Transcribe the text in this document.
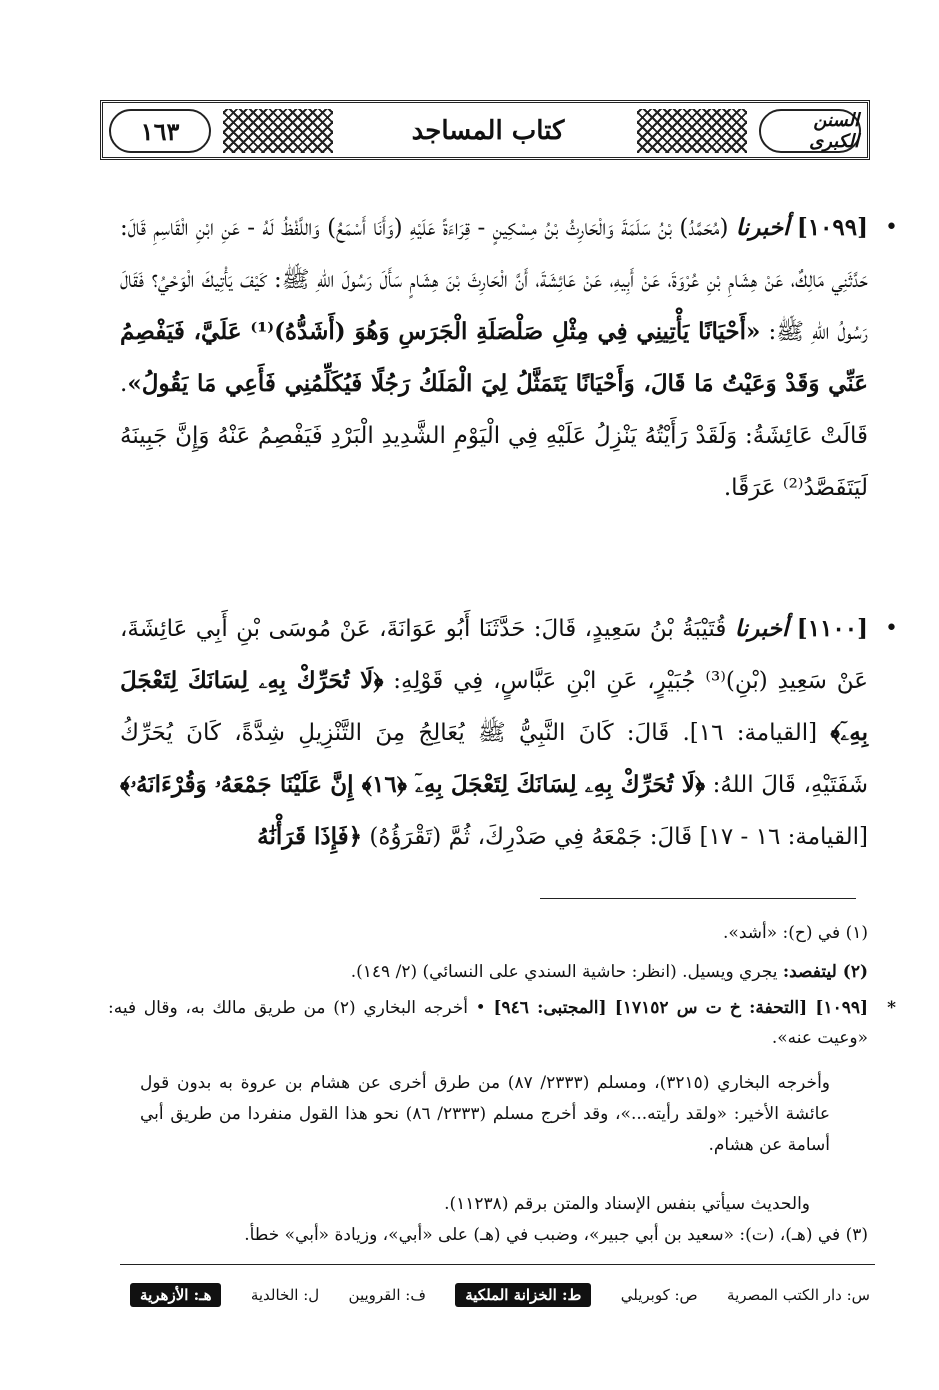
١٦٣	كتاب المساجد	السنن الكبرى
•
[١٠٩٩] أخبرنا (مُحَمَّدُ) بْنُ سَلَمَةَ وَالْحَارِثُ بْنُ مِسْكِينٍ - قِرَاءَةً عَلَيْهِ (وَأَنَا أَسْمَعُ) وَاللَّفْظُ لَهُ - عَنِ ابْنِ الْقَاسِمِ قَالَ: حَدَّثَنِي مَالِكٌ، عَنْ هِشَامِ بْنِ عُرْوَةَ، عَنْ أَبِيهِ، عَنْ عَائِشَةَ، أَنَّ الْحَارِثَ بْنَ هِشَامٍ سَأَلَ رَسُولَ اللهِ ﷺ: كَيْفَ يَأْتِيكَ الْوَحْيُ؟ فَقَالَ رَسُولُ اللهِ ﷺ: «أَحْيَانًا يَأْتِينِي فِي مِثْلِ صَلْصَلَةِ الْجَرَسِ وَهُوَ (أَشَدُّهُ)⁽¹⁾ عَلَيَّ، فَيَفْصِمُ عَنِّي وَقَدْ وَعَيْتُ مَا قَالَ، وَأَحْيَانًا يَتَمَثَّلُ لِيَ الْمَلَكُ رَجُلًا فَيُكَلِّمُنِي فَأَعِي مَا يَقُولُ». قَالَتْ عَائِشَةُ: وَلَقَدْ رَأَيْتُهُ يَنْزِلُ عَلَيْهِ فِي الْيَوْمِ الشَّدِيدِ الْبَرْدِ فَيَفْصِمُ عَنْهُ وَإِنَّ جَبِينَهُ لَيَتَفَصَّدُ⁽²⁾ عَرَقًا.
•
[١١٠٠] أخبرنا قُتَيْبَةُ بْنُ سَعِيدٍ، قَالَ: حَدَّثَنَا أَبُو عَوَانَةَ، عَنْ مُوسَى بْنِ أَبِي عَائِشَةَ، عَنْ سَعِيدِ (بْنِ)⁽³⁾ جُبَيْرٍ، عَنِ ابْنِ عَبَّاسٍ، فِي قَوْلِهِ: ﴿لَا تُحَرِّكْ بِهِۦ لِسَانَكَ لِتَعْجَلَ بِهِۦٓ﴾ [القيامة: ١٦]. قَالَ: كَانَ النَّبِيُّ ﷺ يُعَالِجُ مِنَ التَّنْزِيلِ شِدَّةً، كَانَ يُحَرِّكُ شَفَتَيْهِ، قَالَ اللهُ: ﴿لَا تُحَرِّكْ بِهِۦ لِسَانَكَ لِتَعْجَلَ بِهِۦٓ ﴿١٦﴾ إِنَّ عَلَيْنَا جَمْعَهُۥ وَقُرْءَانَهُۥ﴾ [القيامة: ١٦ - ١٧] قَالَ: جَمْعَهُ فِي صَدْرِكَ، ثُمَّ (تَقْرَؤُهُ) ﴿فَإِذَا قَرَأْنَٰهُ
(١) في (ح): «أشد».
(٢) ليتفصد: يجري ويسيل. (انظر: حاشية السندي على النسائي) (٢/ ١٤٩).
*
[١٠٩٩] [التحفة: خ ت س ١٧١٥٢] [المجتبى: ٩٤٦] • أخرجه البخاري (٢) من طريق مالك به، وقال فيه: «وعيت عنه».
وأخرجه البخاري (٣٢١٥)، ومسلم (٢٣٣٣/ ٨٧) من طرق أخرى عن هشام بن عروة به بدون قول عائشة الأخير: «ولقد رأيته...»، وقد أخرج مسلم (٢٣٣٣/ ٨٦) نحو هذا القول منفردا من طريق أبي أسامة عن هشام.
والحديث سيأتي بنفس الإسناد والمتن برقم (١١٢٣٨).
(٣) في (هـ)، (ت): «سعيد بن أبي جبير»، وضبب في (هـ) على «أبي»، وزيادة «أبي» خطأ.
س: دار الكتب المصرية
ص: كوبريلي
ط: الخزانة الملكية
ف: القرويين
ل: الخالدية
هـ: الأزهرية
